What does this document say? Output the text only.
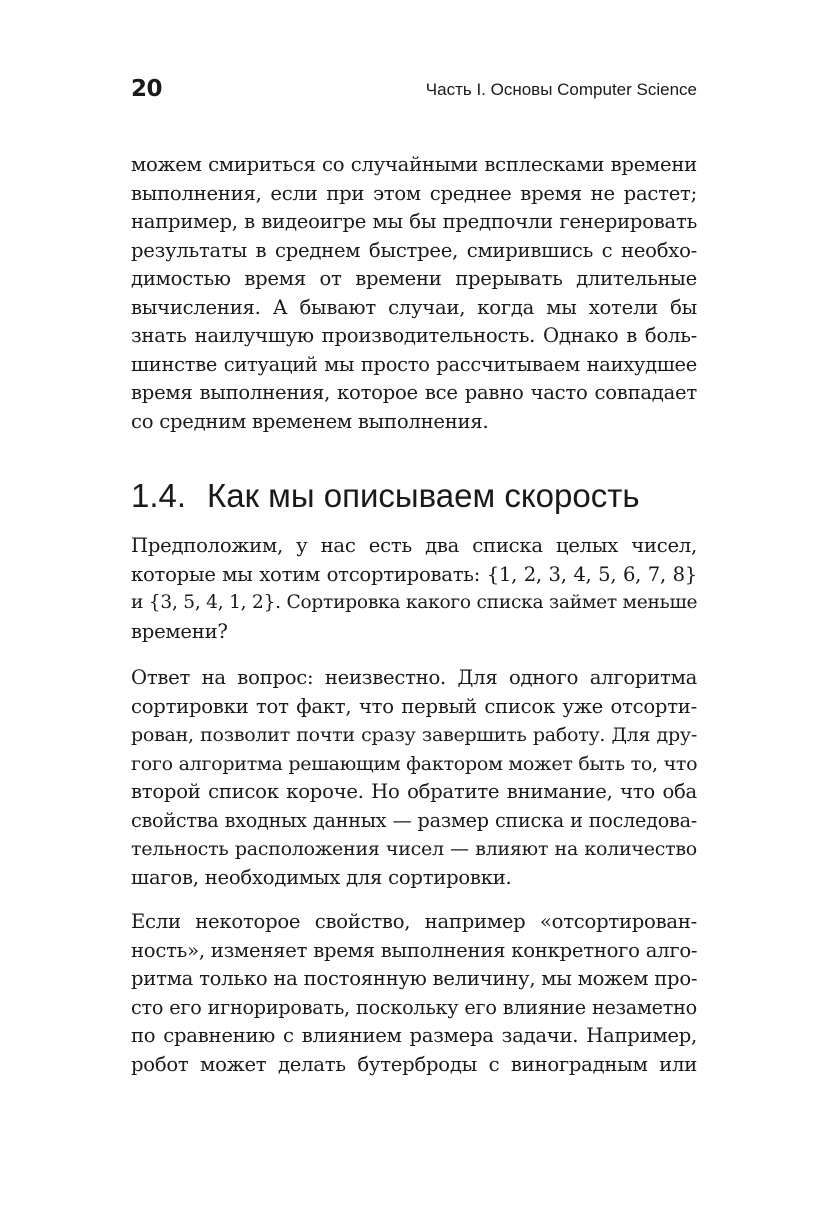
20	Часть I. Основы Computer Science

можем смириться со случайными всплесками времени
выполнения, если при этом среднее время не растет;
например, в видеоигре мы бы предпочли генерировать
результаты в среднем быстрее, смирившись с необхо-
димостью время от времени прерывать длительные
вычисления. А бывают случаи, когда мы хотели бы
знать наилучшую производительность. Однако в боль-
шинстве ситуаций мы просто рассчитываем наихудшее
время выполнения, которое все равно часто совпадает
со средним временем выполнения.

1.4. Как мы описываем скорость

Предположим, у нас есть два списка целых чисел,
которые мы хотим отсортировать: {1, 2, 3, 4, 5, 6, 7, 8}
и {3, 5, 4, 1, 2}. Сортировка какого списка займет меньше
времени?

Ответ на вопрос: неизвестно. Для одного алгоритма
сортировки тот факт, что первый список уже отсорти-
рован, позволит почти сразу завершить работу. Для дру-
гого алгоритма решающим фактором может быть то, что
второй список короче. Но обратите внимание, что оба
свойства входных данных — размер списка и последова-
тельность расположения чисел — влияют на количество
шагов, необходимых для сортировки.

Если некоторое свойство, например «отсортирован-
ность», изменяет время выполнения конкретного алго-
ритма только на постоянную величину, мы можем про-
сто его игнорировать, поскольку его влияние незаметно
по сравнению с влиянием размера задачи. Например,
робот может делать бутерброды с виноградным или
